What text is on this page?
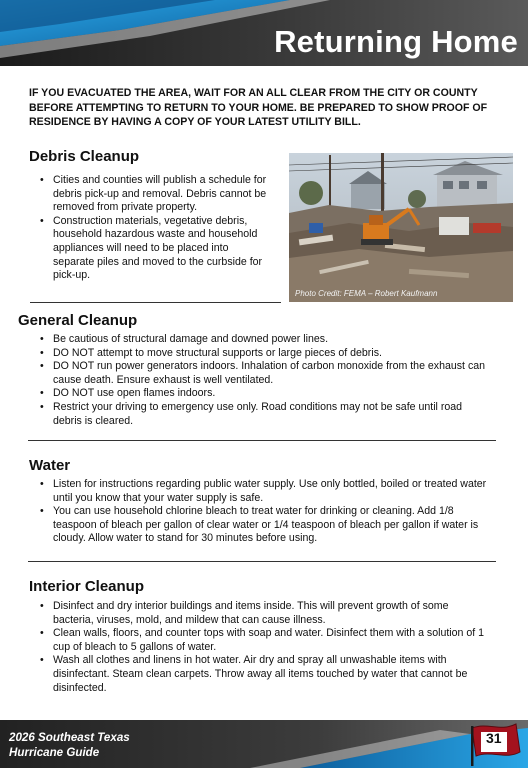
Returning Home
IF YOU EVACUATED THE AREA, WAIT FOR AN ALL CLEAR FROM THE CITY OR COUNTY BEFORE ATTEMPTING TO RETURN TO YOUR HOME. BE PREPARED TO SHOW PROOF OF RESIDENCE BY HAVING A COPY OF YOUR LATEST UTILITY BILL.
Debris Cleanup
• Cities and counties will publish a schedule for debris pick-up and removal. Debris cannot be removed from private property.
• Construction materials, vegetative debris, household hazardous waste and household appliances will need to be placed into separate piles and moved to the curbside for pick-up.
Photo Credit: FEMA – Robert Kaufmann
General Cleanup
• Be cautious of structural damage and downed power lines.
• DO NOT attempt to move structural supports or large pieces of debris.
• DO NOT run power generators indoors. Inhalation of carbon monoxide from the exhaust can cause death. Ensure exhaust is well ventilated.
• DO NOT use open flames indoors.
• Restrict your driving to emergency use only. Road conditions may not be safe until road debris is cleared.
Water
• Listen for instructions regarding public water supply. Use only bottled, boiled or treated water until you know that your water supply is safe.
• You can use household chlorine bleach to treat water for drinking or cleaning. Add 1/8 teaspoon of bleach per gallon of clear water or 1/4 teaspoon of bleach per gallon if water is cloudy. Allow water to stand for 30 minutes before using.
Interior Cleanup
• Disinfect and dry interior buildings and items inside. This will prevent growth of some bacteria, viruses, mold, and mildew that can cause illness.
• Clean walls, floors, and counter tops with soap and water. Disinfect them with a solution of 1 cup of bleach to 5 gallons of water.
• Wash all clothes and linens in hot water. Air dry and spray all unwashable items with disinfectant. Steam clean carpets. Throw away all items touched by water that cannot be disinfected.
2026 Southeast Texas
Hurricane Guide
31
